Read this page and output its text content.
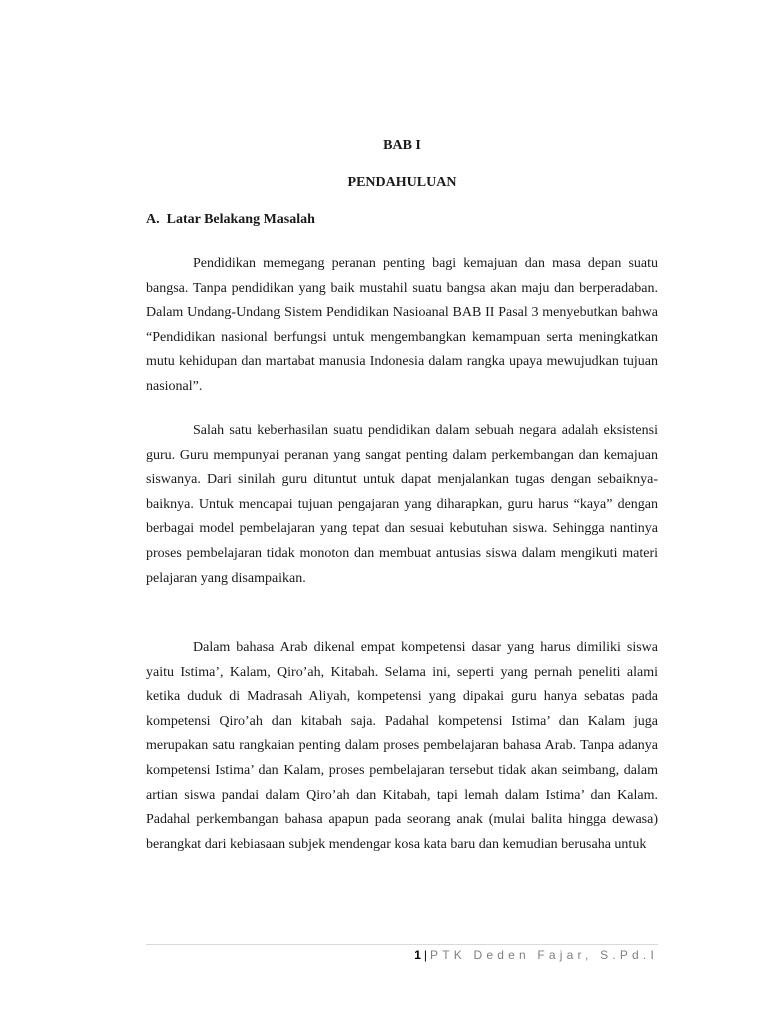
BAB I
PENDAHULUAN
A.  Latar Belakang Masalah

Pendidikan memegang peranan penting bagi kemajuan dan masa depan suatu bangsa. Tanpa pendidikan yang baik mustahil suatu bangsa akan maju dan berperadaban. Dalam Undang-Undang Sistem Pendidikan Nasioanal BAB II Pasal 3 menyebutkan bahwa “Pendidikan nasional berfungsi untuk mengembangkan kemampuan serta meningkatkan mutu kehidupan dan martabat manusia Indonesia dalam rangka upaya mewujudkan tujuan nasional”.

Salah satu keberhasilan suatu pendidikan dalam sebuah negara adalah eksistensi guru. Guru mempunyai peranan yang sangat penting dalam perkembangan dan kemajuan siswanya. Dari sinilah guru dituntut untuk dapat menjalankan tugas dengan sebaiknya-baiknya. Untuk mencapai tujuan pengajaran yang diharapkan, guru harus “kaya” dengan berbagai model pembelajaran yang tepat dan sesuai kebutuhan siswa. Sehingga nantinya proses pembelajaran tidak monoton dan membuat antusias siswa dalam mengikuti materi pelajaran yang disampaikan.

Dalam bahasa Arab dikenal empat kompetensi dasar yang harus dimiliki siswa yaitu Istima’, Kalam, Qiro’ah, Kitabah. Selama ini, seperti yang pernah peneliti alami ketika duduk di Madrasah Aliyah, kompetensi yang dipakai guru hanya sebatas pada kompetensi Qiro’ah dan kitabah saja. Padahal kompetensi Istima’ dan Kalam juga merupakan satu rangkaian penting dalam proses pembelajaran bahasa Arab. Tanpa adanya kompetensi Istima’ dan Kalam, proses pembelajaran tersebut tidak akan seimbang, dalam artian siswa pandai dalam Qiro’ah dan Kitabah, tapi lemah dalam Istima’ dan Kalam. Padahal perkembangan bahasa apapun pada seorang anak (mulai balita hingga dewasa) berangkat dari kebiasaan subjek mendengar kosa kata baru dan kemudian berusaha untuk

1 | PTK Deden Fajar, S.Pd.I
